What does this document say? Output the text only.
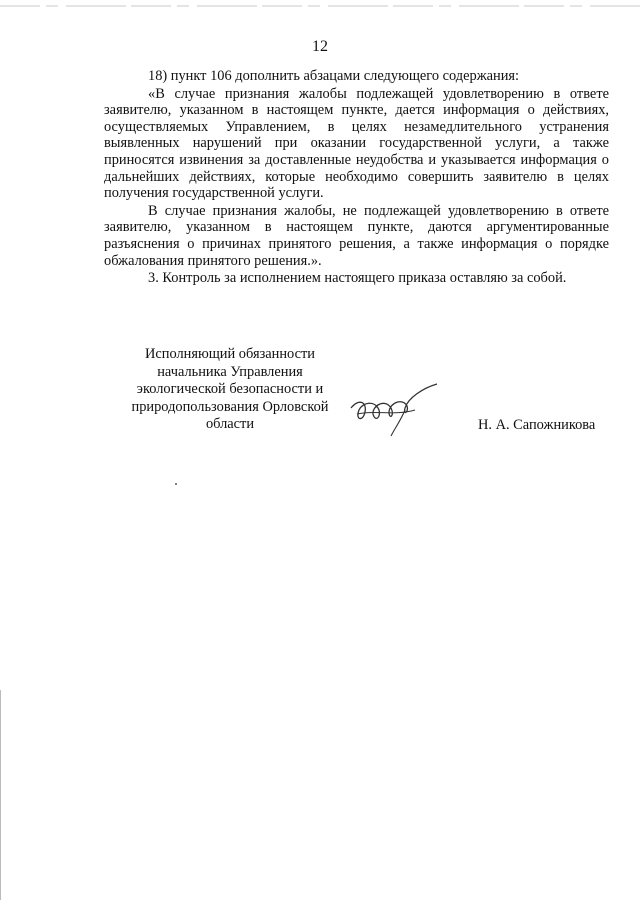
12

18) пункт 106 дополнить абзацами следующего содержания:

«В случае признания жалобы подлежащей удовлетворению в ответе заявителю, указанном в настоящем пункте, дается информация о действиях, осуществляемых Управлением, в целях незамедлительного устранения выявленных нарушений при оказании государственной услуги, а также приносятся извинения за доставленные неудобства и указывается информация о дальнейших действиях, которые необходимо совершить заявителю в целях получения государственной услуги.

В случае признания жалобы, не подлежащей удовлетворению в ответе заявителю, указанном в настоящем пункте, даются аргументированные разъяснения о причинах принятого решения, а также информация о порядке обжалования принятого решения.».

3. Контроль за исполнением настоящего приказа оставляю за собой.

Исполняющий обязанности
начальника Управления
экологической безопасности и
природопользования Орловской
области	Н. А. Сапожникова
